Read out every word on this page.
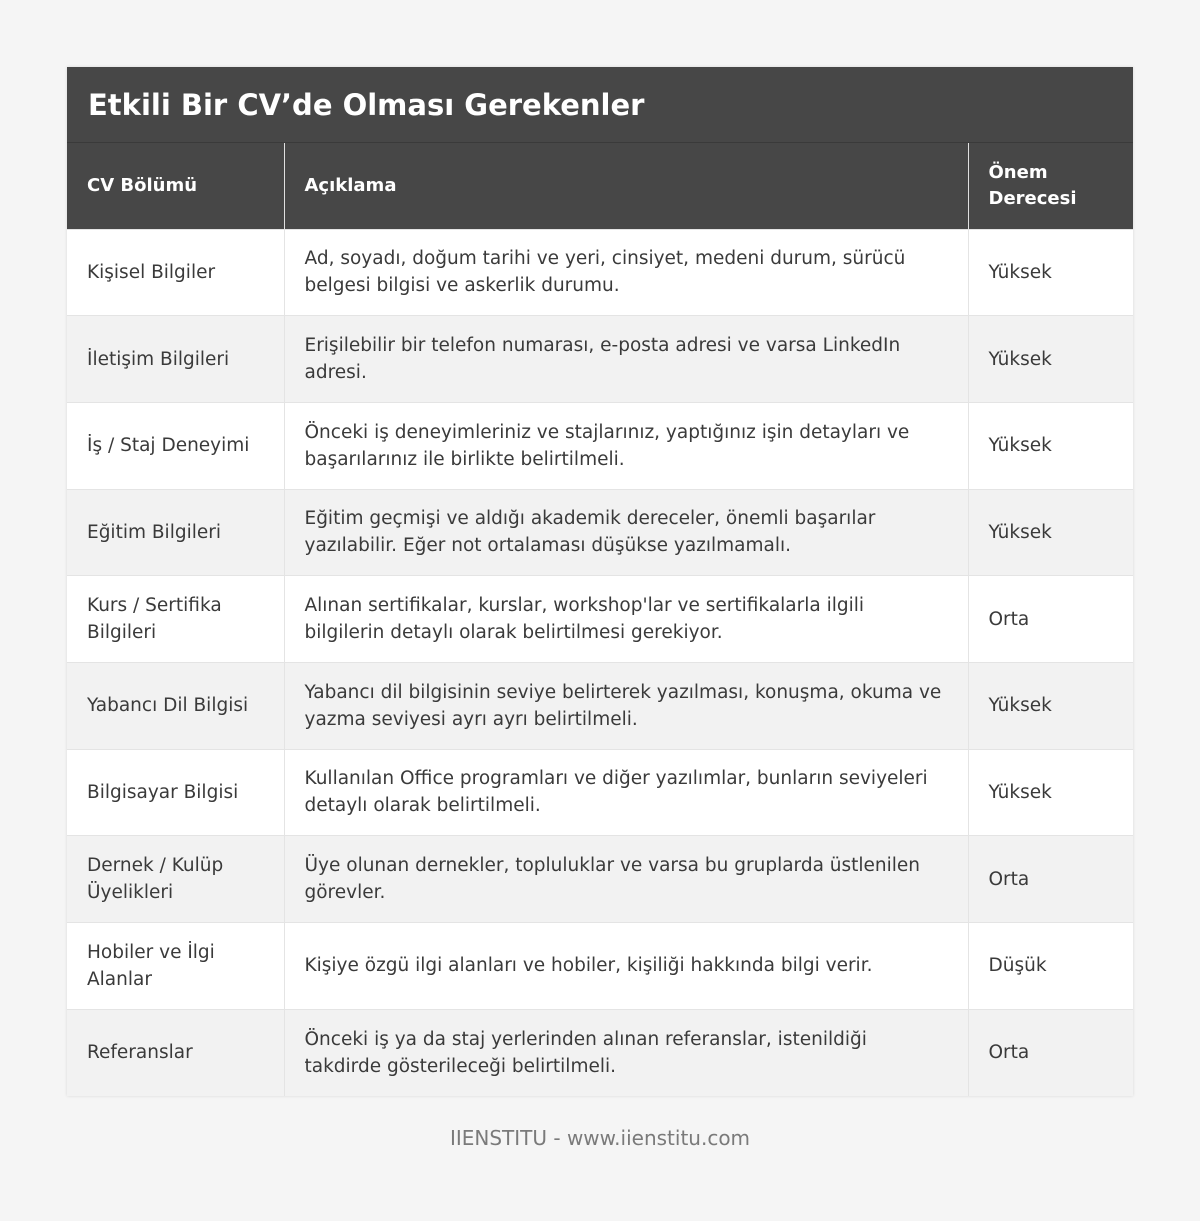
Etkili Bir CV’de Olması Gerekenler
CV Bölümü	Açıklama	Önem Derecesi
Kişisel Bilgiler	Ad, soyadı, doğum tarihi ve yeri, cinsiyet, medeni durum, sürücü belgesi bilgisi ve askerlik durumu.	Yüksek
İletişim Bilgileri	Erişilebilir bir telefon numarası, e-posta adresi ve varsa LinkedIn adresi.	Yüksek
İş / Staj Deneyimi	Önceki iş deneyimleriniz ve stajlarınız, yaptığınız işin detayları ve başarılarınız ile birlikte belirtilmeli.	Yüksek
Eğitim Bilgileri	Eğitim geçmişi ve aldığı akademik dereceler, önemli başarılar yazılabilir. Eğer not ortalaması düşükse yazılmamalı.	Yüksek
Kurs / Sertifika Bilgileri	Alınan sertifikalar, kurslar, workshop'lar ve sertifikalarla ilgili bilgilerin detaylı olarak belirtilmesi gerekiyor.	Orta
Yabancı Dil Bilgisi	Yabancı dil bilgisinin seviye belirterek yazılması, konuşma, okuma ve yazma seviyesi ayrı ayrı belirtilmeli.	Yüksek
Bilgisayar Bilgisi	Kullanılan Office programları ve diğer yazılımlar, bunların seviyeleri detaylı olarak belirtilmeli.	Yüksek
Dernek / Kulüp Üyelikleri	Üye olunan dernekler, topluluklar ve varsa bu gruplarda üstlenilen görevler.	Orta
Hobiler ve İlgi Alanlar	Kişiye özgü ilgi alanları ve hobiler, kişiliği hakkında bilgi verir.	Düşük
Referanslar	Önceki iş ya da staj yerlerinden alınan referanslar, istenildiği takdirde gösterileceği belirtilmeli.	Orta
IIENSTITU - www.iienstitu.com
